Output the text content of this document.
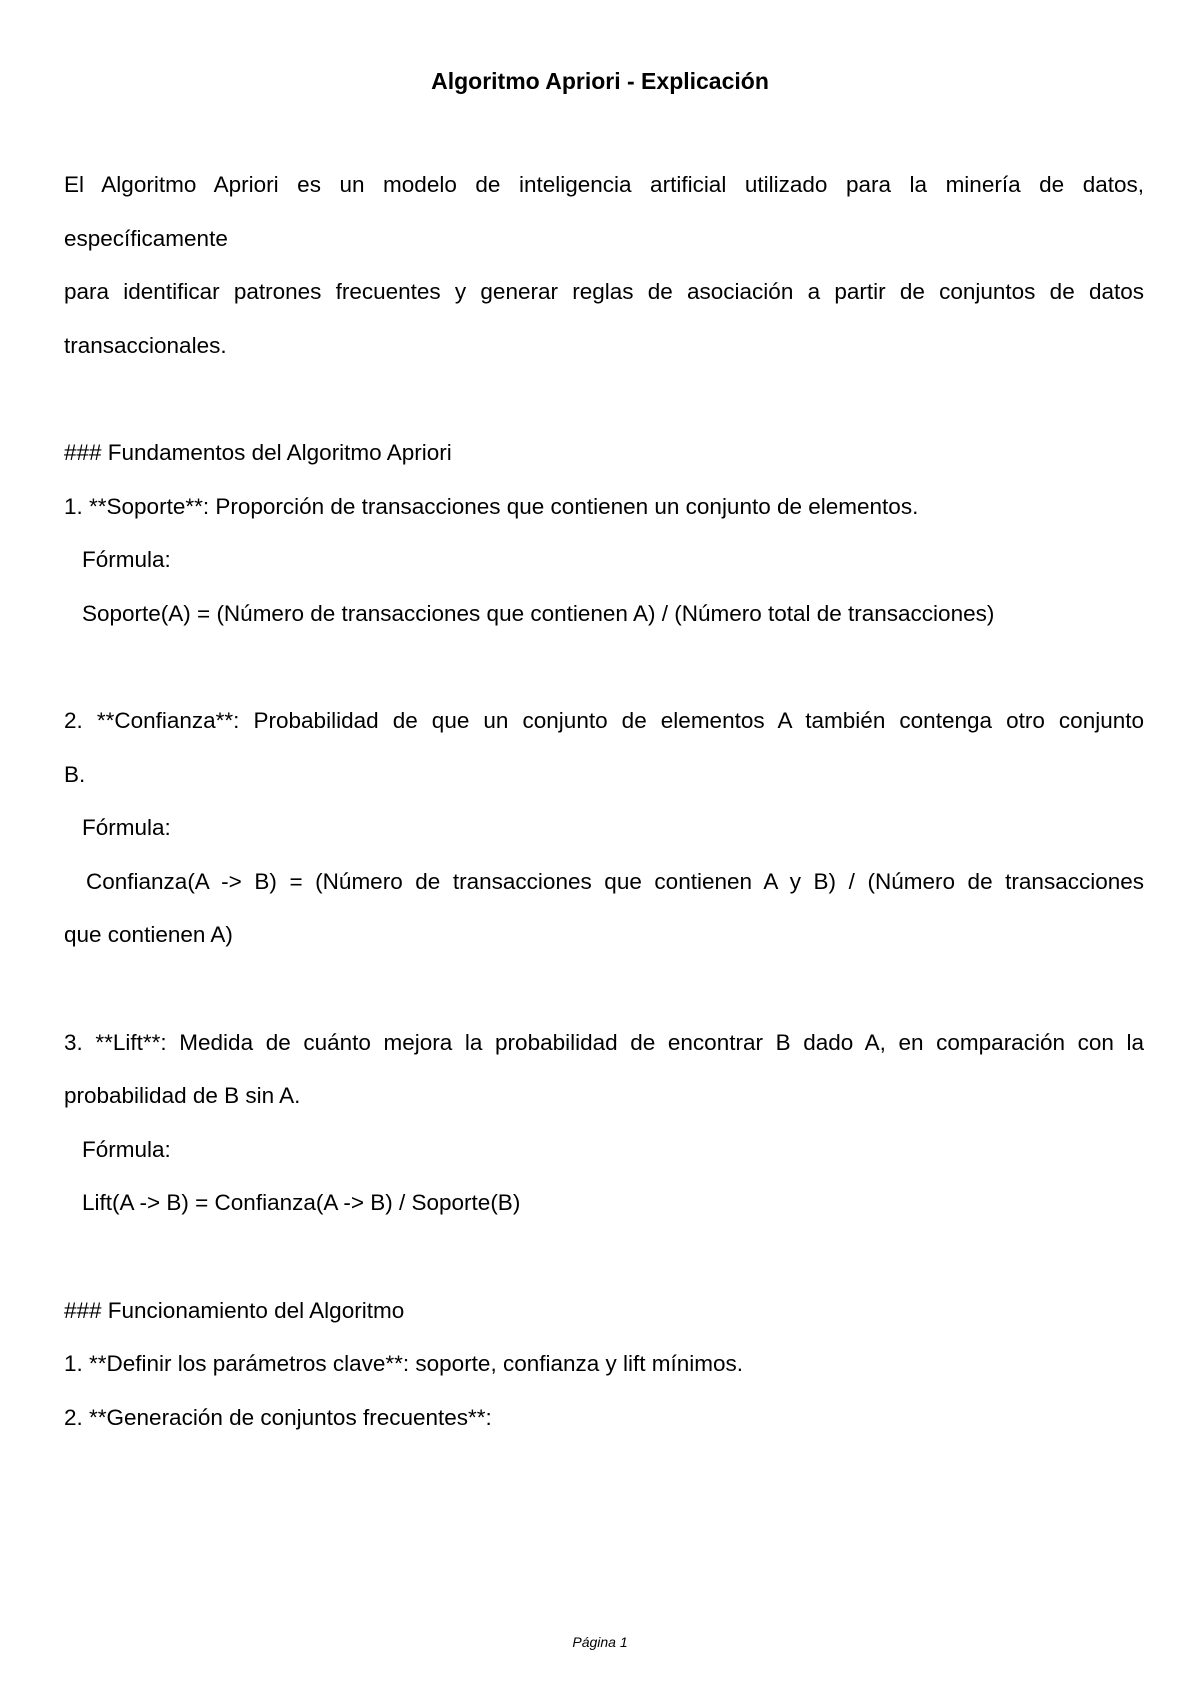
Algoritmo Apriori - Explicación
El Algoritmo Apriori es un modelo de inteligencia artificial utilizado para la minería de datos,
específicamente
para identificar patrones frecuentes y generar reglas de asociación a partir de conjuntos de datos
transaccionales.
### Fundamentos del Algoritmo Apriori
1. **Soporte**: Proporción de transacciones que contienen un conjunto de elementos.
Fórmula:
Soporte(A) = (Número de transacciones que contienen A) / (Número total de transacciones)
2. **Confianza**: Probabilidad de que un conjunto de elementos A también contenga otro conjunto
B.
Fórmula:
Confianza(A -> B) = (Número de transacciones que contienen A y B) / (Número de transacciones
que contienen A)
3. **Lift**: Medida de cuánto mejora la probabilidad de encontrar B dado A, en comparación con la
probabilidad de B sin A.
Fórmula:
Lift(A -> B) = Confianza(A -> B) / Soporte(B)
### Funcionamiento del Algoritmo
1. **Definir los parámetros clave**: soporte, confianza y lift mínimos.
2. **Generación de conjuntos frecuentes**:
Página 1
